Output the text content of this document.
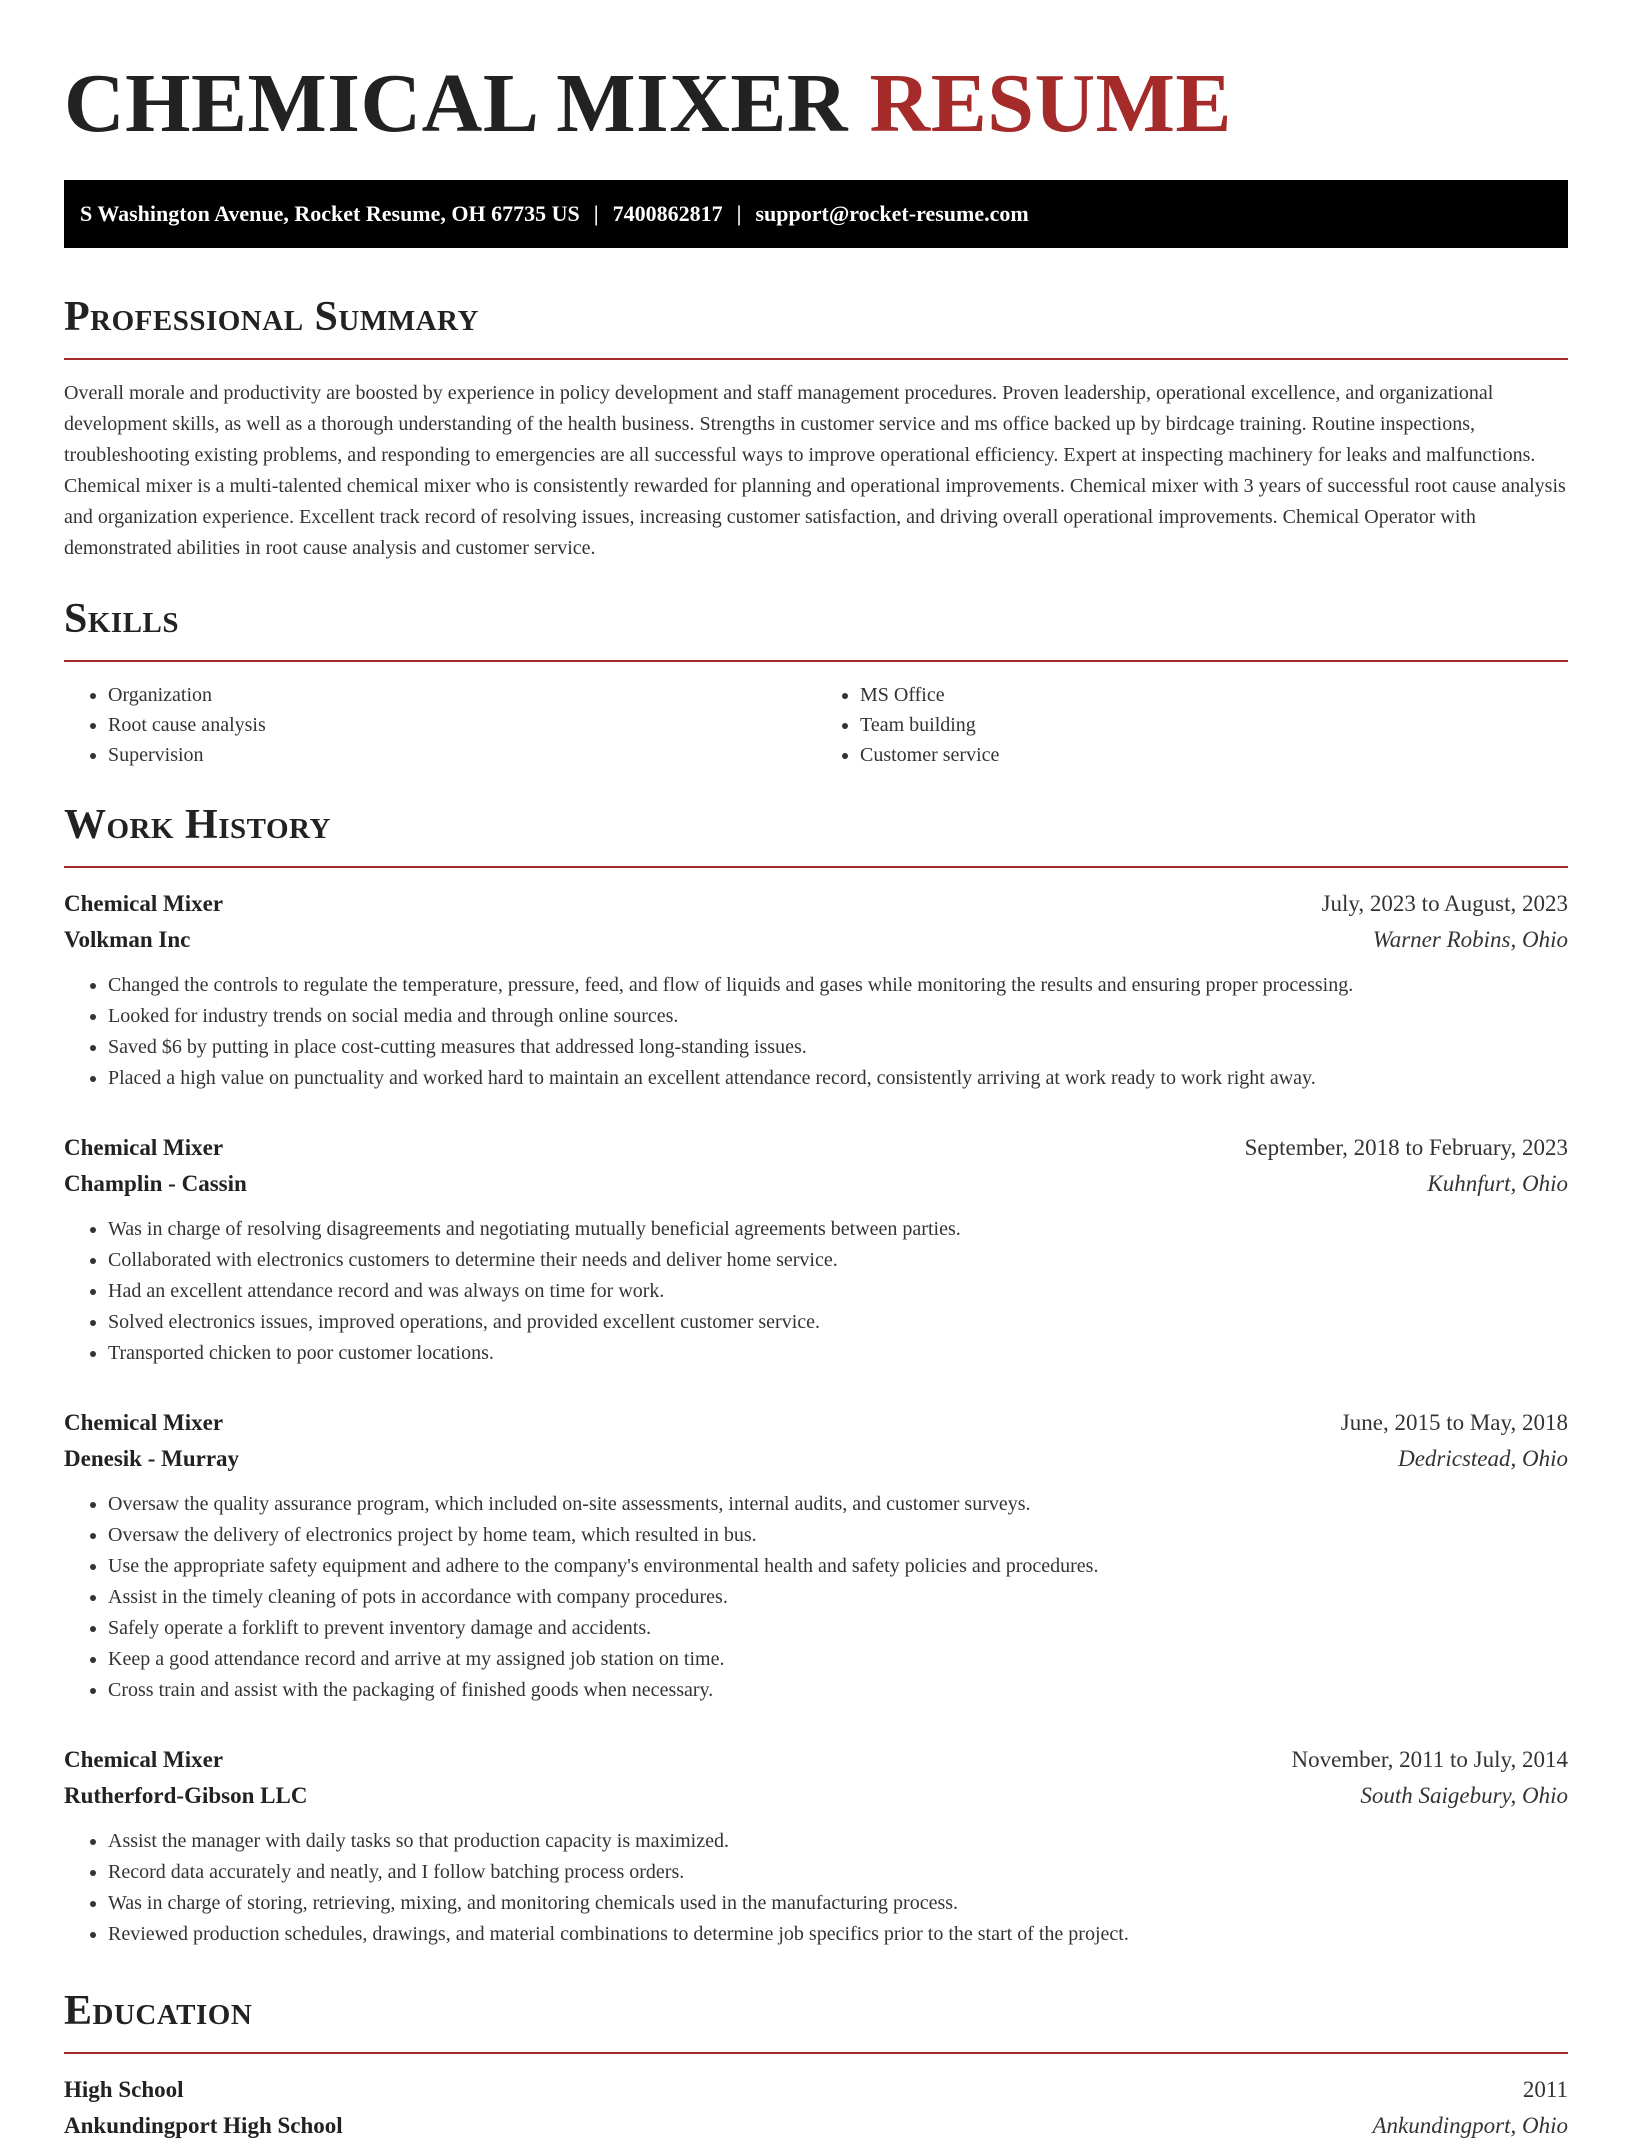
CHEMICAL MIXER RESUME
S Washington Avenue, Rocket Resume, OH 67735 US | 7400862817 | support@rocket-resume.com
Professional Summary

Overall morale and productivity are boosted by experience in policy development and staff management procedures. Proven leadership, operational excellence, and organizational development skills, as well as a thorough understanding of the health business. Strengths in customer service and ms office backed up by birdcage training. Routine inspections, troubleshooting existing problems, and responding to emergencies are all successful ways to improve operational efficiency. Expert at inspecting machinery for leaks and malfunctions. Chemical mixer is a multi-talented chemical mixer who is consistently rewarded for planning and operational improvements. Chemical mixer with 3 years of successful root cause analysis and organization experience. Excellent track record of resolving issues, increasing customer satisfaction, and driving overall operational improvements. Chemical Operator with demonstrated abilities in root cause analysis and customer service.

Skills
• Organization
• Root cause analysis
• Supervision
• MS Office
• Team building
• Customer service
Work History
Chemical Mixer	July, 2023 to August, 2023
Volkman Inc	Warner Robins, Ohio
• Changed the controls to regulate the temperature, pressure, feed, and flow of liquids and gases while monitoring the results and ensuring proper processing.
• Looked for industry trends on social media and through online sources.
• Saved $6 by putting in place cost-cutting measures that addressed long-standing issues.
• Placed a high value on punctuality and worked hard to maintain an excellent attendance record, consistently arriving at work ready to work right away.
Chemical Mixer	September, 2018 to February, 2023
Champlin - Cassin	Kuhnfurt, Ohio
• Was in charge of resolving disagreements and negotiating mutually beneficial agreements between parties.
• Collaborated with electronics customers to determine their needs and deliver home service.
• Had an excellent attendance record and was always on time for work.
• Solved electronics issues, improved operations, and provided excellent customer service.
• Transported chicken to poor customer locations.
Chemical Mixer	June, 2015 to May, 2018
Denesik - Murray	Dedricstead, Ohio
• Oversaw the quality assurance program, which included on-site assessments, internal audits, and customer surveys.
• Oversaw the delivery of electronics project by home team, which resulted in bus.
• Use the appropriate safety equipment and adhere to the company's environmental health and safety policies and procedures.
• Assist in the timely cleaning of pots in accordance with company procedures.
• Safely operate a forklift to prevent inventory damage and accidents.
• Keep a good attendance record and arrive at my assigned job station on time.
• Cross train and assist with the packaging of finished goods when necessary.
Chemical Mixer	November, 2011 to July, 2014
Rutherford-Gibson LLC	South Saigebury, Ohio
• Assist the manager with daily tasks so that production capacity is maximized.
• Record data accurately and neatly, and I follow batching process orders.
• Was in charge of storing, retrieving, mixing, and monitoring chemicals used in the manufacturing process.
• Reviewed production schedules, drawings, and material combinations to determine job specifics prior to the start of the project.
Education
High School	2011
Ankundingport High School	Ankundingport, Ohio
